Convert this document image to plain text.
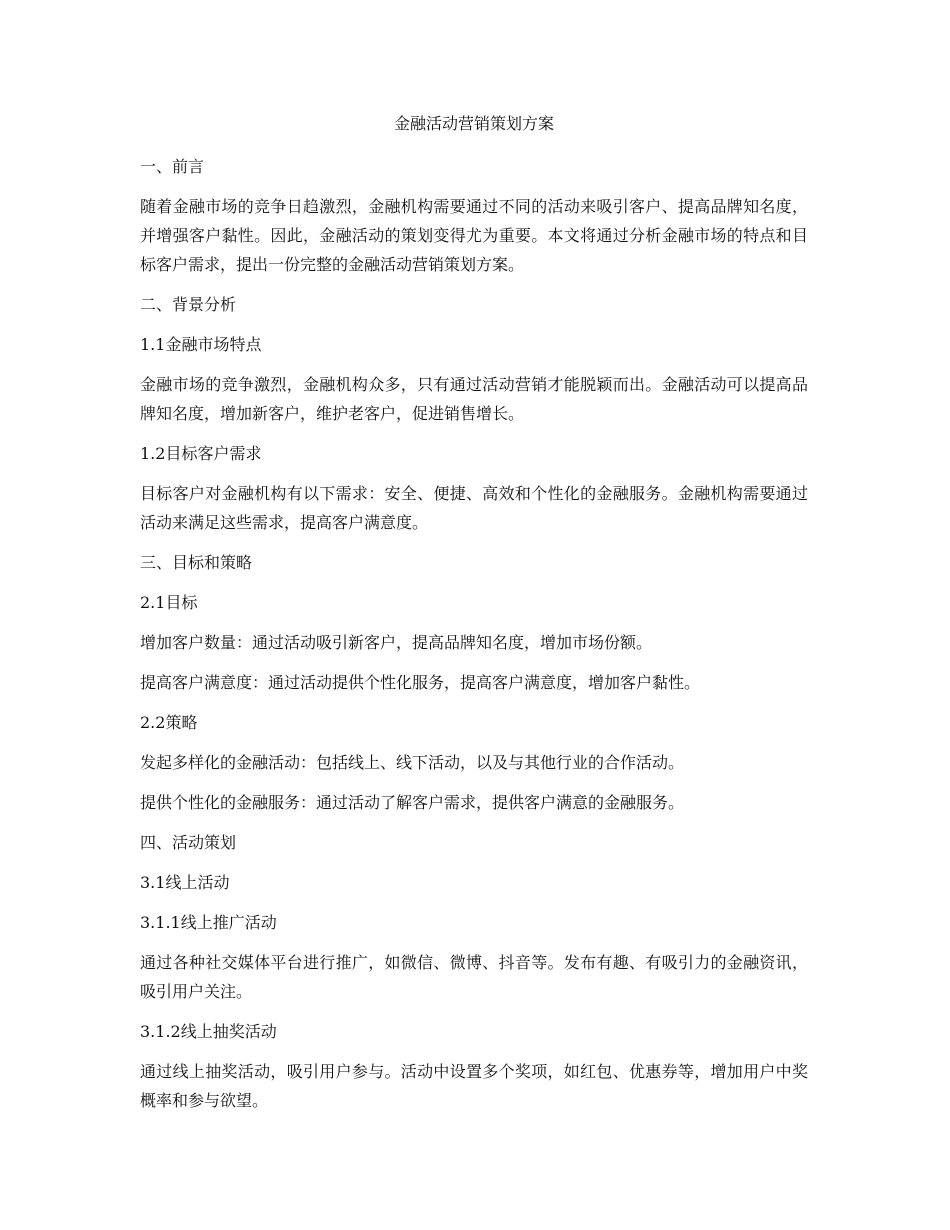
金融活动营销策划方案
一、前言
随着金融市场的竞争日趋激烈，金融机构需要通过不同的活动来吸引客户、提高品牌知名度，并增强客户黏性。因此，金融活动的策划变得尤为重要。本文将通过分析金融市场的特点和目标客户需求，提出一份完整的金融活动营销策划方案。
二、背景分析
1.1金融市场特点
金融市场的竞争激烈，金融机构众多，只有通过活动营销才能脱颖而出。金融活动可以提高品牌知名度，增加新客户，维护老客户，促进销售增长。
1.2目标客户需求
目标客户对金融机构有以下需求：安全、便捷、高效和个性化的金融服务。金融机构需要通过活动来满足这些需求，提高客户满意度。
三、目标和策略
2.1目标
增加客户数量：通过活动吸引新客户，提高品牌知名度，增加市场份额。
提高客户满意度：通过活动提供个性化服务，提高客户满意度，增加客户黏性。
2.2策略
发起多样化的金融活动：包括线上、线下活动，以及与其他行业的合作活动。
提供个性化的金融服务：通过活动了解客户需求，提供客户满意的金融服务。
四、活动策划
3.1线上活动
3.1.1线上推广活动
通过各种社交媒体平台进行推广，如微信、微博、抖音等。发布有趣、有吸引力的金融资讯，吸引用户关注。
3.1.2线上抽奖活动
通过线上抽奖活动，吸引用户参与。活动中设置多个奖项，如红包、优惠券等，增加用户中奖概率和参与欲望。
